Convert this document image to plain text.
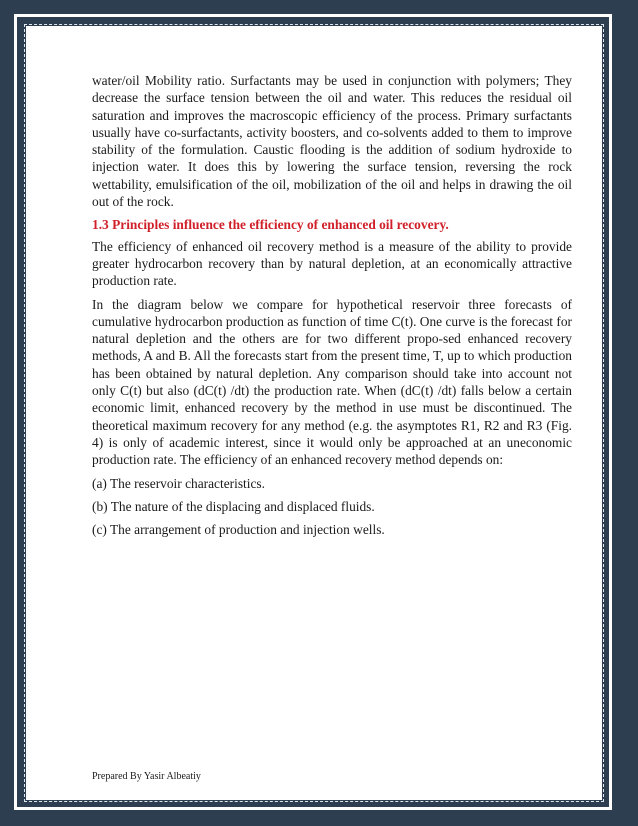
water/oil Mobility ratio. Surfactants may be used in conjunction with polymers; They decrease the surface tension between the oil and water. This reduces the residual oil saturation and improves the macroscopic efficiency of the process. Primary surfactants usually have co-surfactants, activity boosters, and co-solvents added to them to improve stability of the formulation. Caustic flooding is the addition of sodium hydroxide to injection water. It does this by lowering the surface tension, reversing the rock wettability, emulsification of the oil, mobilization of the oil and helps in drawing the oil out of the rock.

1.3 Principles influence the efficiency of enhanced oil recovery.

The efficiency of enhanced oil recovery method is a measure of the ability to provide greater hydrocarbon recovery than by natural depletion, at an economically attractive production rate.

In the diagram below we compare for hypothetical reservoir three forecasts of cumulative hydrocarbon production as function of time C(t). One curve is the forecast for natural depletion and the others are for two different propo-sed enhanced recovery methods, A and B. All the forecasts start from the present time, T, up to which production has been obtained by natural depletion. Any comparison should take into account not only C(t) but also (dC(t) /dt) the production rate. When (dC(t) /dt) falls below a certain economic limit, enhanced recovery by the method in use must be discontinued. The theoretical maximum recovery for any method (e.g. the asymptotes R1, R2 and R3 (Fig. 4) is only of academic interest, since it would only be approached at an uneconomic production rate. The efficiency of an enhanced recovery method depends on:

(a) The reservoir characteristics.
(b) The nature of the displacing and displaced fluids.
(c) The arrangement of production and injection wells.
Prepared By Yasir Albeatiy
